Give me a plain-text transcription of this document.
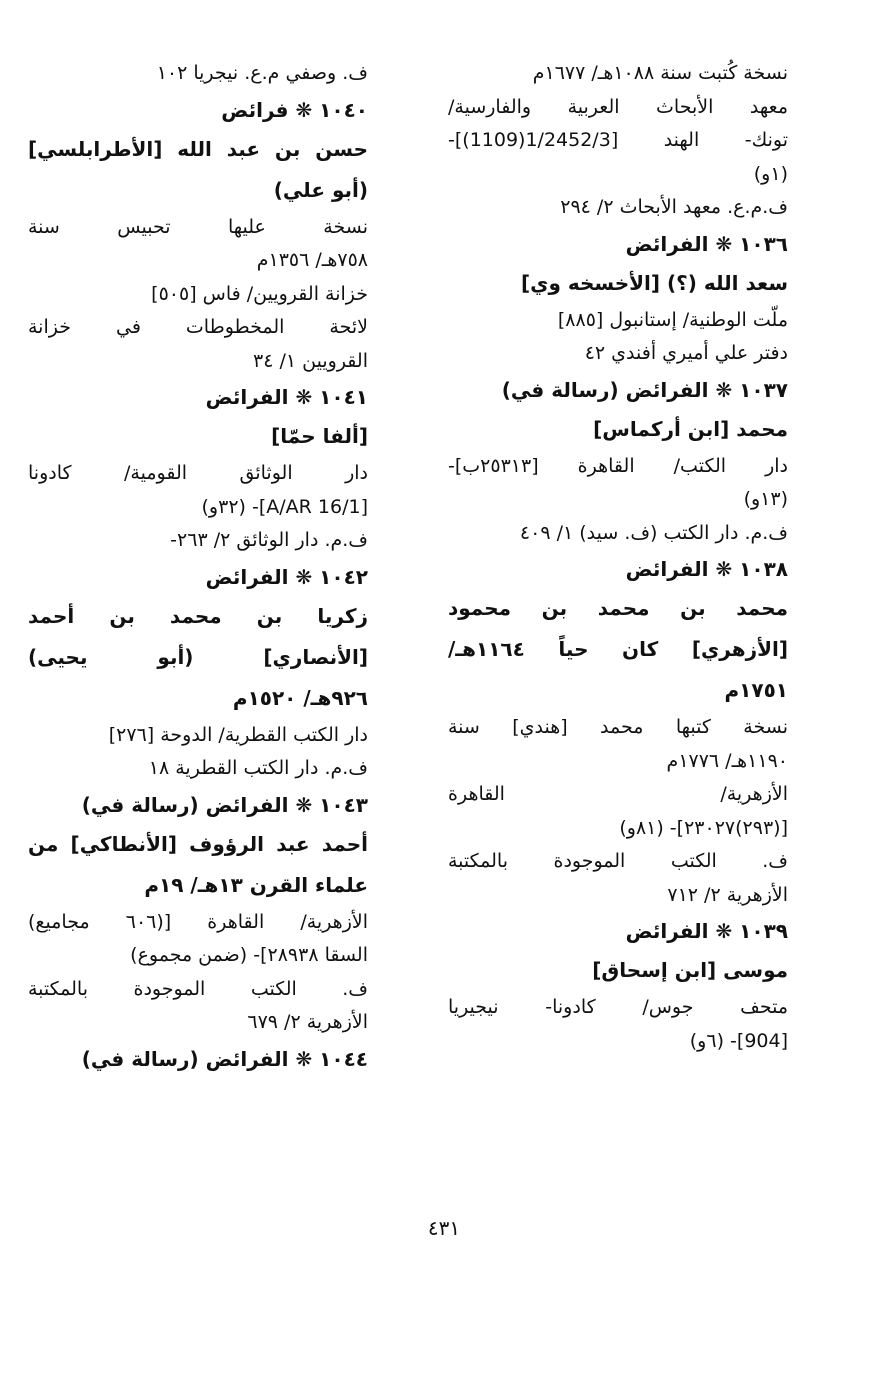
نسخة كُتبت سنة ١٠٨٨هـ/ ١٦٧٧م
معهد الأبحاث العربية والفارسية/
تونك- الهند [1/2452/3(1109)]-
(١و)
ف.م.ع. معهد الأبحاث ٢/ ٢٩٤
١٠٣٦ ❋ الفرائض
سعد الله (؟) [الأخسخه وي]
ملّت الوطنية/ إستانبول [٨٨٥]
دفتر علي أميري أفندي ٤٢
١٠٣٧ ❋ الفرائض (رسالة في)
محمد [ابن أركماس]
دار الكتب/ القاهرة [٢٥٣١٣ب]-
(١٣و)
ف.م. دار الكتب (ف. سيد) ١/ ٤٠٩
١٠٣٨ ❋ الفرائض
محمد بن محمد بن محمود
[الأزهري] كان حياً ١١٦٤هـ/
١٧٥١م
نسخة كتبها محمد [هندي] سنة
١١٩٠هـ/ ١٧٧٦م
الأزهرية/ القاهرة
[(٢٩٣)٢٣٠٢٧]- (٨١و)
ف. الكتب الموجودة بالمكتبة
الأزهرية ٢/ ٧١٢
١٠٣٩ ❋ الفرائض
موسى [ابن إسحاق]
متحف جوس/ كادونا- نيجيريا
[904]- (٦و)
ف. وصفي م.ع. نيجريا ١٠٢
١٠٤٠ ❋ فرائض
حسن بن عبد الله [الأطرابلسي]
(أبو علي)
نسخة عليها تحبيس سنة
٧٥٨هـ/ ١٣٥٦م
خزانة القرويين/ فاس [٥٠٥]
لائحة المخطوطات في خزانة
القرويين ١/ ٣٤
١٠٤١ ❋ الفرائض
[ألفا حمّا]
دار الوثائق القومية/ كادونا
[A/AR 16/1]- (٣٢و)
ف.م. دار الوثائق ٢/ ٢٦٣-
١٠٤٢ ❋ الفرائض
زكريا بن محمد بن أحمد
[الأنصاري] (أبو يحيى)
٩٢٦هـ/ ١٥٢٠م
دار الكتب القطرية/ الدوحة [٢٧٦]
ف.م. دار الكتب القطرية ١٨
١٠٤٣ ❋ الفرائض (رسالة في)
أحمد عبد الرؤوف [الأنطاكي] من
علماء القرن ١٣هـ/ ١٩م
الأزهرية/ القاهرة [(٦٠٦ مجاميع)
السقا ٢٨٩٣٨]- (ضمن مجموع)
ف. الكتب الموجودة بالمكتبة
الأزهرية ٢/ ٦٧٩
١٠٤٤ ❋ الفرائض (رسالة في)
٤٣١
